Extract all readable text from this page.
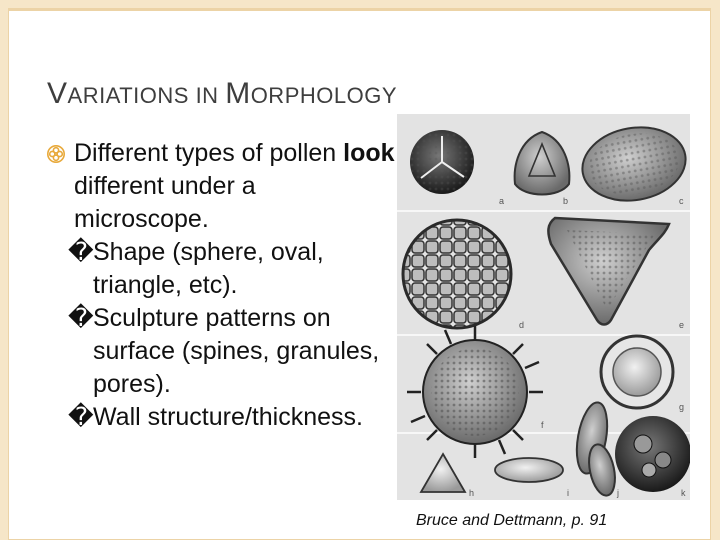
VARIATIONS IN MORPHOLOGY
Different types of pollen look different under a microscope.
�Shape (sphere, oval, triangle, etc).
�Sculpture patterns on surface (spines, granules, pores).
�Wall structure/thickness.
a	b	c
d	e
f
g
h	i	j	k
Bruce and Dettmann, p. 91
